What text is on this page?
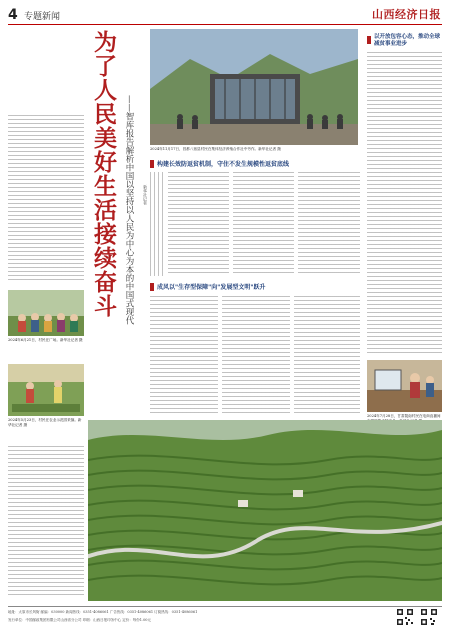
4 专题新闻	山西经济日报
2024年6月21日，村民在广场。新华社记者 摄
2024年5月23日，村民在农业示范园采摘。新华社记者 摄
为了人民美好生活接续奋斗 ——智库报告解析中国以坚持以人民为中心为本的中国式现代
新华社记者
2024年11月17日，昌都八宿县村民在集体经济养殖合作社中劳作。新华社记者 摄
构建长效防返贫机制，守住不发生规模性返贫底线
成风以"生存型保障"向"发展型文明"跃升
以开放包容心态，推动全球减贫事业进步
2024年7月28日，甘肃陇南村民在电商直播间
地址：太原市长风街 邮编：030000 新闻热线：0351-4086061 广告热线：0351-4086061 订阅热线：0351-4086061
发行单位：中国邮政集团有限公司山西省分公司 印刷：山西日报印务中心 定价：每份1.00元
